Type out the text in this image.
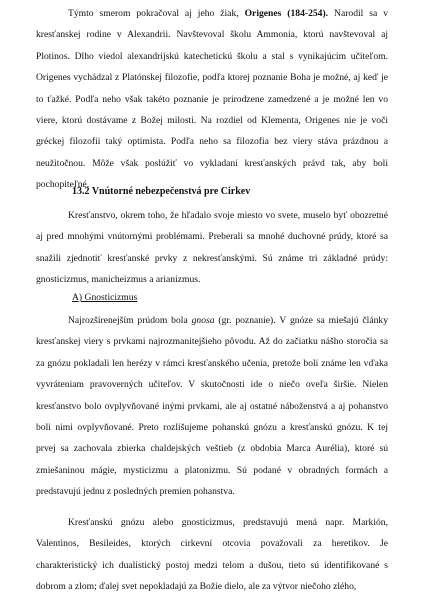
Týmto smerom pokračoval aj jeho žiak, Origenes (184-254). Narodil sa v kresťanskej rodine v Alexandrii. Navštevoval školu Ammonia, ktorú navštevoval aj Plotinos. Dlho viedol alexandrijskú katechetickú školu a stal s vynikajúcim učiteľom. Origenes vychádzal z Platónskej filozofie, podľa ktorej poznanie Boha je možné, aj keď je to ťažké. Podľa neho však takéto poznanie je prirodzene zamedzené a je možné len vo viere, ktorú dostávame z Božej milosti. Na rozdiel od Klementa, Origenes nie je voči gréckej filozofii taký optimista. Podľa neho sa filozofia bez viery stáva prázdnou a neužitočnou. Môže však poslúžiť vo vykladaní kresťanských právd tak, aby boli pochopiteľné.
13.2 Vnútorné nebezpečenstvá pre Cirkev
Kresťanstvo, okrem toho, že hľadalo svoje miesto vo svete, muselo byť obozretné aj pred mnohými vnútornými problémami. Preberali sa mnohé duchovné prúdy, ktoré sa snažili zjednotiť kresťanské prvky z nekresťanskými. Sú známe tri základné prúdy: gnosticizmus, manicheizmus a arianizmus.
A) Gnosticizmus
Najrozšírenejším prúdom bola gnosa (gr. poznanie). V gnóze sa miešajú články kresťanskej viery s prvkami najrozmanitejšieho pôvodu. Až do začiatku nášho storočia sa za gnózu pokladali len herézy v rámci kresťanského učenia, pretože boli známe len vďaka vyvráteniam pravoverných učiteľov. V skutočnosti ide o niečo oveľa širšie. Nielen kresťanstvo bolo ovplyvňované inými prvkami, ale aj ostatné náboženstvá a aj pohanstvo boli nimi ovplyvňované. Preto rozlišujeme pohanskú gnózu a kresťanskú gnózu. K tej prvej sa zachovala zbierka chaldejských veštieb (z obdobia Marca Aurélia), ktoré sú zmiešaninou mágie, mysticizmu a platonizmu. Sú podané v obradných formách a predstavujú jednu z posledných premien pohanstva.
Kresťanskú gnózu alebo gnosticizmus, predstavujú mená napr. Markión, Valentinos, Besileides, ktorých cirkevní otcovia považovali za heretikov. Je charakteristický ich dualistický postoj medzi telom a dušou, tieto sú identifikované s dobrom a zlom; ďalej svet nepokladajú za Božie dielo, ale za výtvor niečoho zlého,
